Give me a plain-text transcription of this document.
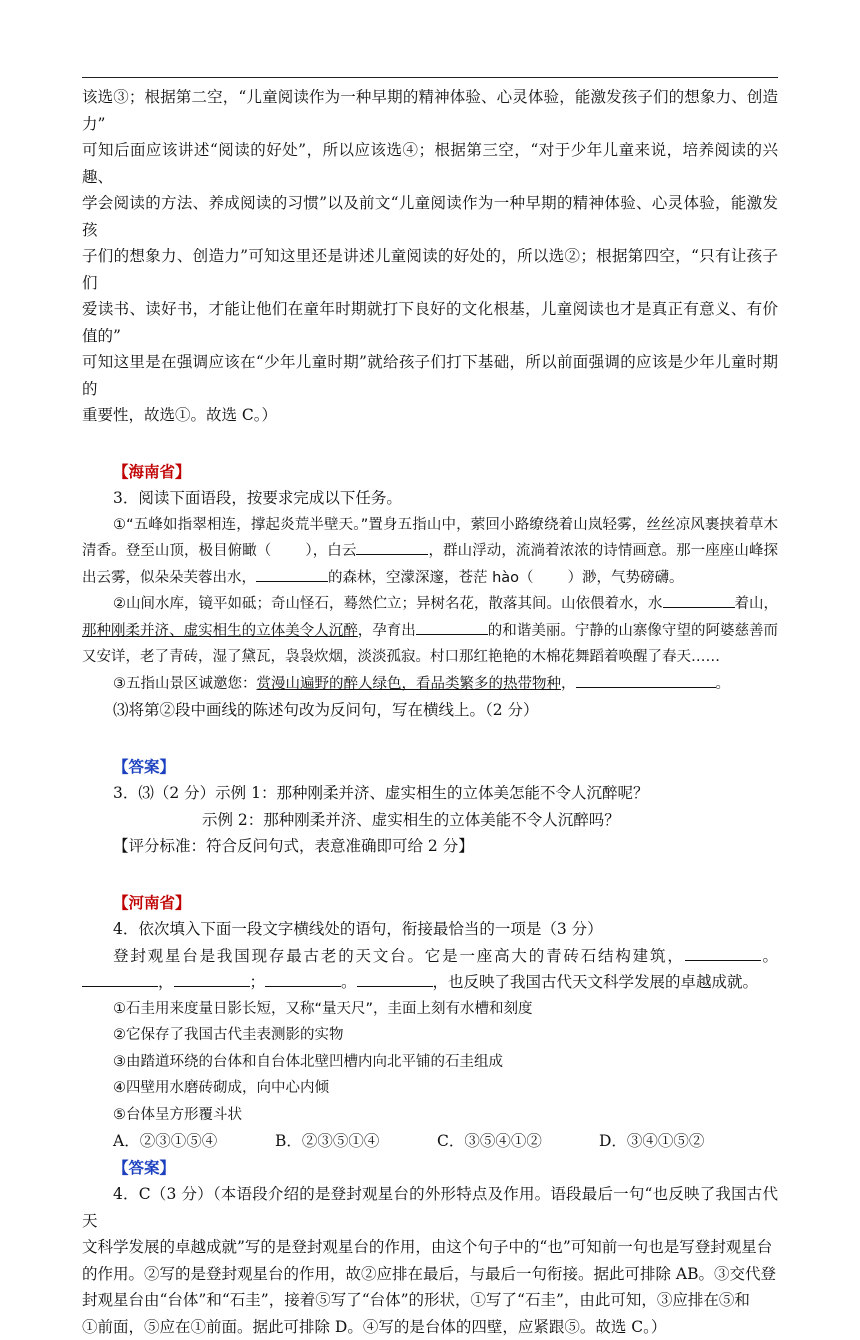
该选③；根据第二空，“儿童阅读作为一种早期的精神体验、心灵体验，能激发孩子们的想象力、创造力”

可知后面应该讲述“阅读的好处”，所以应该选④；根据第三空，“对于少年儿童来说，培养阅读的兴趣、

学会阅读的方法、养成阅读的习惯”以及前文“儿童阅读作为一种早期的精神体验、心灵体验，能激发孩

子们的想象力、创造力”可知这里还是讲述儿童阅读的好处的，所以选②；根据第四空，“只有让孩子们

爱读书、读好书，才能让他们在童年时期就打下良好的文化根基，儿童阅读也才是真正有意义、有价值的”

可知这里是在强调应该在“少年儿童时期”就给孩子们打下基础，所以前面强调的应该是少年儿童时期的

重要性，故选①。故选 C。）

【海南省】

3．阅读下面语段，按要求完成以下任务。

①“五峰如指翠相连，撑起炎荒半壁天。”置身五指山中，萦回小路缭绕着山岚轻雾，丝丝凉风裹挟着草木清香。登至山顶，极目俯瞰（ ），白云	，群山浮动，流淌着浓浓的诗情画意。那一座座山峰探出云雾，似朵朵芙蓉出水，	的森林，空濛深邃，苍茫 hào（ ）渺，气势磅礴。

②山间水库，镜平如砥；奇山怪石，蓦然伫立；异树名花，散落其间。山依偎着水，水	着山，那种刚柔并济、虚实相生的立体美令人沉醉，孕育出	的和谐美丽。宁静的山寨像守望的阿婆慈善而又安详，老了青砖，湿了黛瓦，袅袅炊烟，淡淡孤寂。村口那红艳艳的木棉花舞蹈着唤醒了春天……

③五指山景区诚邀您：赏漫山遍野的醉人绿色，看品类繁多的热带物种，	。

⑶将第②段中画线的陈述句改为反问句，写在横线上。（2 分）

【答案】

3．⑶（2 分）示例 1：那种刚柔并济、虚实相生的立体美怎能不令人沉醉呢？

示例 2：那种刚柔并济、虚实相生的立体美能不令人沉醉吗？

【评分标准：符合反问句式，表意准确即可给 2 分】

【河南省】

4．依次填入下面一段文字横线处的语句，衔接最恰当的一项是（3 分）

登封观星台是我国现存最古老的天文台。它是一座高大的青砖石结构建筑，	。，	；	。	，也反映了我国古代天文科学发展的卓越成就。

①石圭用来度量日影长短，又称“量天尺”，圭面上刻有水槽和刻度

②它保存了我国古代圭表测影的实物

③由踏道环绕的台体和自台体北壁凹槽内向北平铺的石圭组成

④四壁用水磨砖砌成，向中心内倾

⑤台体呈方形覆斗状

A．②③①⑤④	B．②③⑤①④	C．③⑤④①②	D．③④①⑤②

【答案】

4．C（3 分）（本语段介绍的是登封观星台的外形特点及作用。语段最后一句“也反映了我国古代天

文科学发展的卓越成就”写的是登封观星台的作用，由这个句子中的“也”可知前一句也是写登封观星台

的作用。②写的是登封观星台的作用，故②应排在最后，与最后一句衔接。据此可排除 AB。③交代登

封观星台由“台体”和“石圭”，接着⑤写了“台体”的形状，①写了“石圭”，由此可知，③应排在⑤和

①前面，⑤应在①前面。据此可排除 D。④写的是台体的四壁，应紧跟⑤。故选 C。）
